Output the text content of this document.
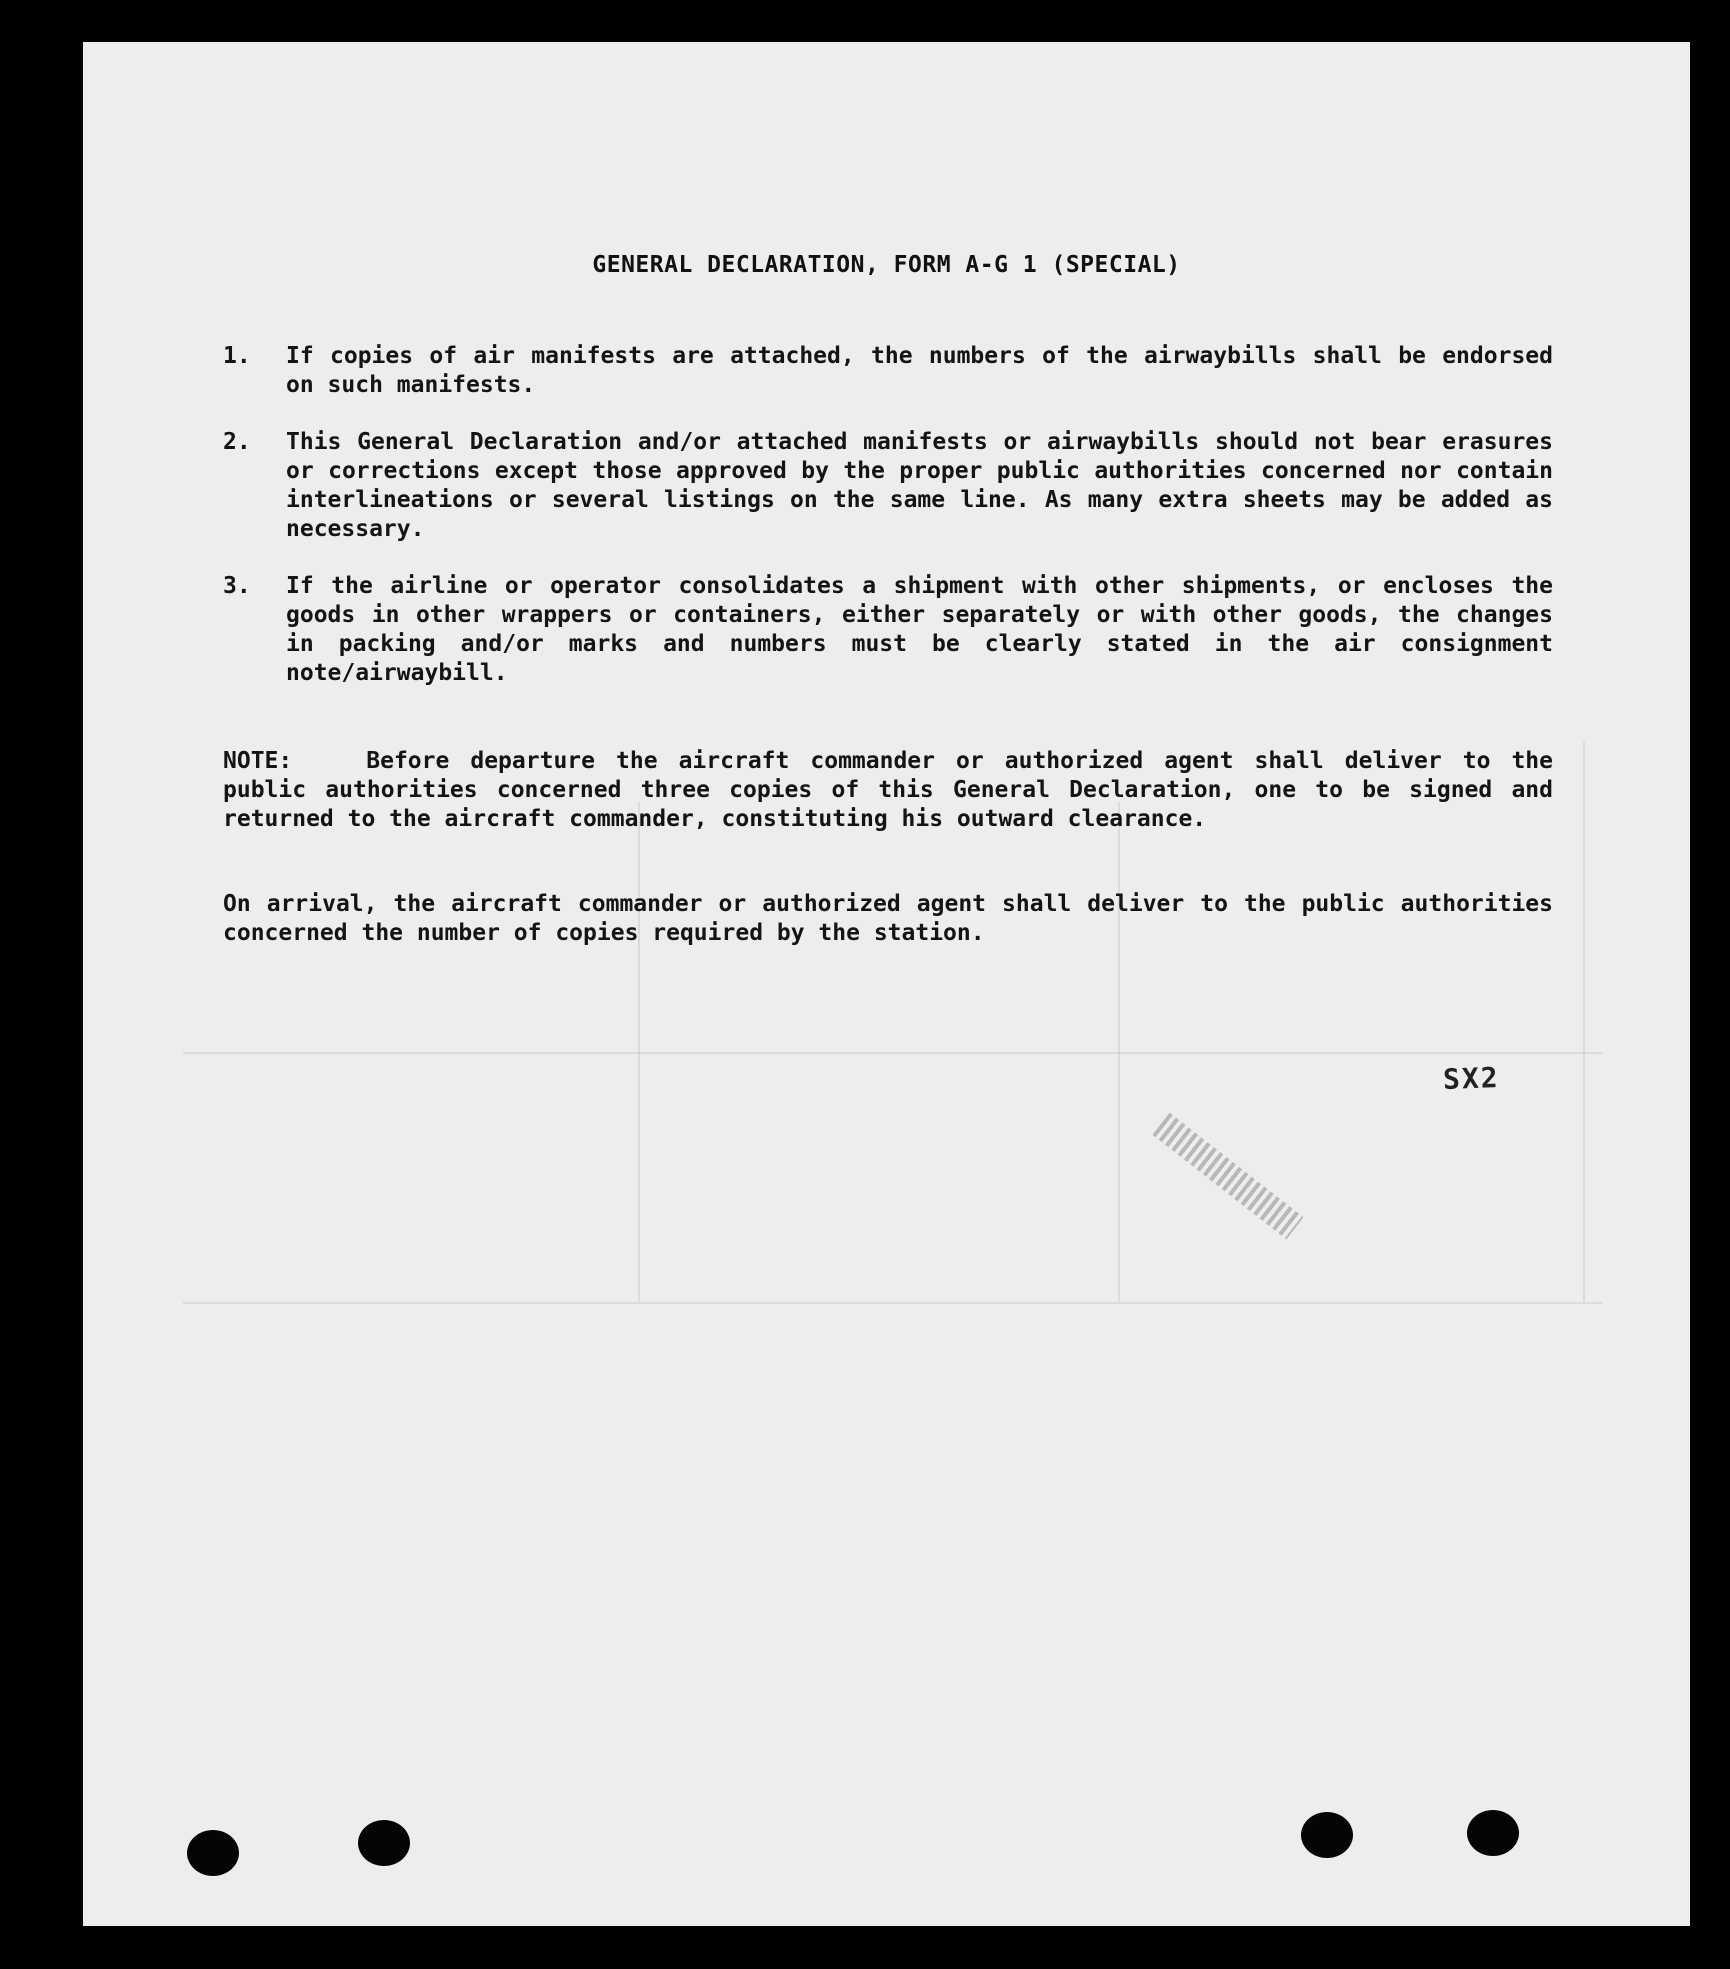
GENERAL DECLARATION, FORM A-G 1 (SPECIAL)
1.	If copies of air manifests are attached, the numbers of the airwaybills shall be endorsed on such manifests.
2.	This General Declaration and/or attached manifests or airwaybills should not bear erasures or corrections except those approved by the proper public authorities concerned nor contain interlineations or several listings on the same line. As many extra sheets may be added as necessary.
3.	If the airline or operator consolidates a shipment with other shipments, or encloses the goods in other wrappers or containers, either separately or with other goods, the changes in packing and/or marks and numbers must be clearly stated in the air consignment note/airwaybill.
NOTE:	Before departure the aircraft commander or authorized agent shall deliver to the public authorities concerned three copies of this General Declaration, one to be signed and returned to the aircraft commander, constituting his outward clearance.
On arrival, the aircraft commander or authorized agent shall deliver to the public authorities concerned the number of copies required by the station.
SX2
